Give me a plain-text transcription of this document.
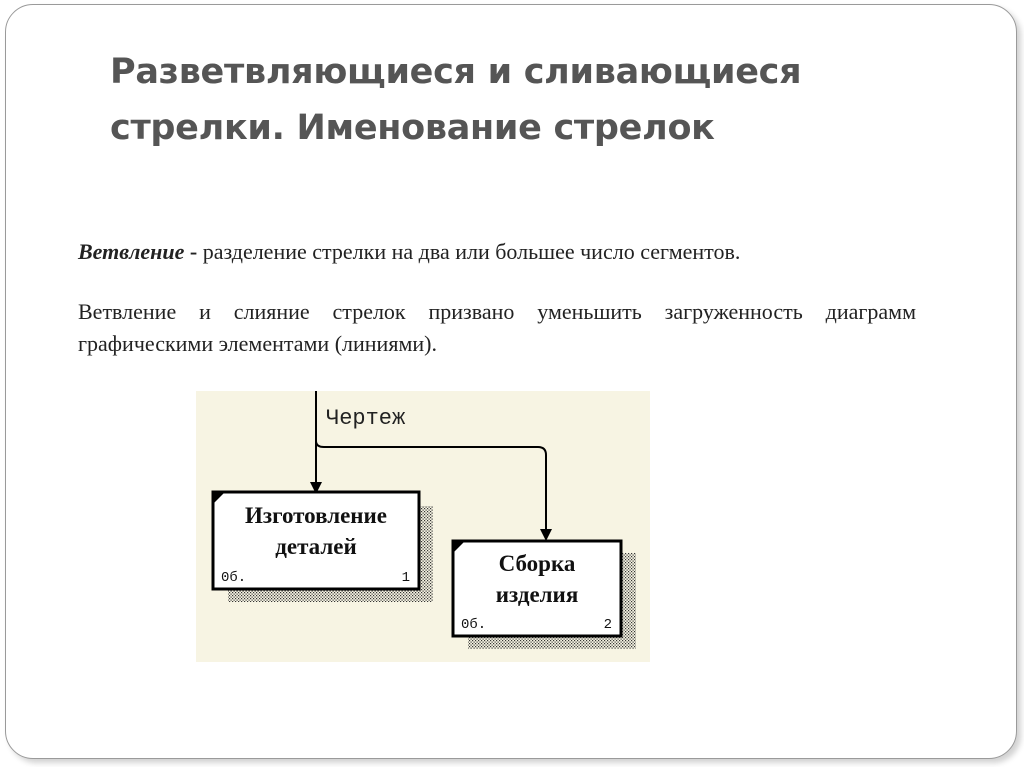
Разветвляющиеся и сливающиеся
стрелки. Именование стрелок

Ветвление - разделение стрелки на два или большее число сегментов.

Ветвление и слияние стрелок призвано уменьшить загруженность диаграмм графическими элементами (линиями).

Чертеж
Изготовление
деталей
0б.	1
Сборка
изделия
0б.	2
